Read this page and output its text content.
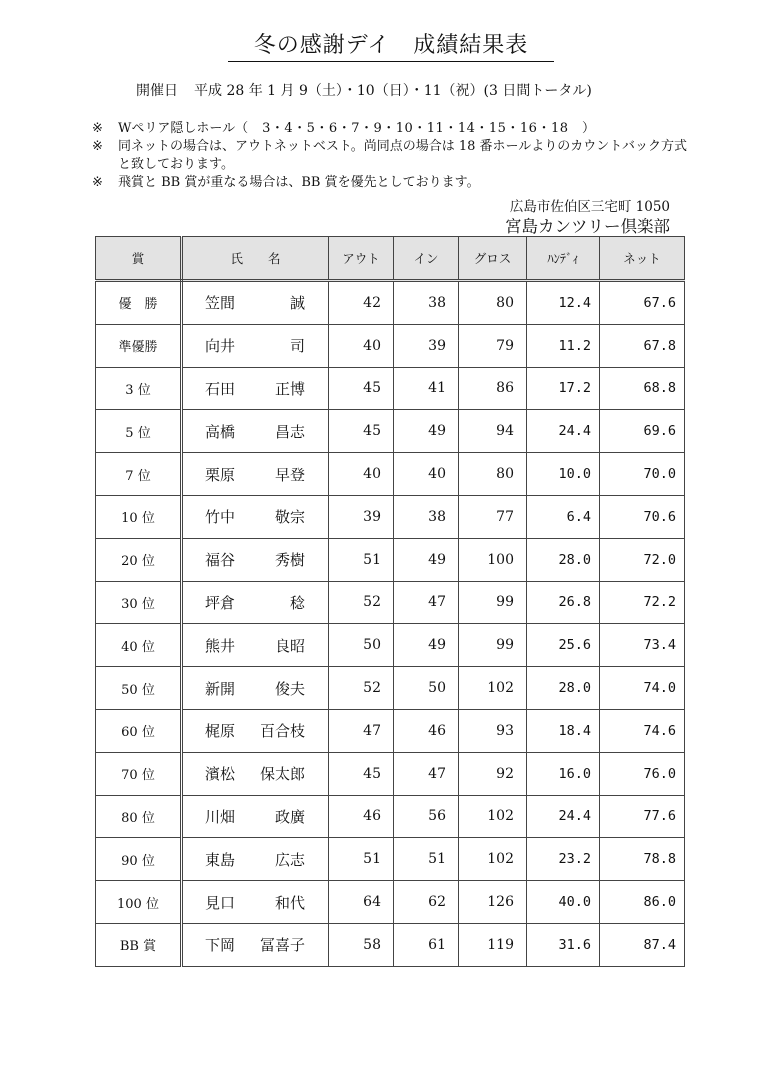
冬の感謝デイ　成績結果表
開催日 平成 28 年 1 月 9（土）・10（日）・11（祝）(3 日間トータル)
※	Wペリア隠しホール（ 3・4・5・6・7・9・10・11・14・15・16・18　）
※	同ネットの場合は、アウトネットベスト。尚同点の場合は 18 番ホールよりのカウントバック方式と致しております。
※	飛賞と BB 賞が重なる場合は、BB 賞を優先としております。
広島市佐伯区三宅町 1050
宮島カンツリー倶楽部
賞	氏　　名	アウト	イン	グロス	ﾊﾝﾃﾞｨ	ネット
優　勝	笠間 誠	42	38	80	12.4	67.6
準優勝	向井 司	40	39	79	11.2	67.8
3 位	石田 正博	45	41	86	17.2	68.8
5 位	高橋 昌志	45	49	94	24.4	69.6
7 位	栗原 早登	40	40	80	10.0	70.0
10 位	竹中 敬宗	39	38	77	6.4	70.6
20 位	福谷 秀樹	51	49	100	28.0	72.0
30 位	坪倉 稔	52	47	99	26.8	72.2
40 位	熊井 良昭	50	49	99	25.6	73.4
50 位	新開 俊夫	52	50	102	28.0	74.0
60 位	梶原 百合枝	47	46	93	18.4	74.6
70 位	濱松 保太郎	45	47	92	16.0	76.0
80 位	川畑 政廣	46	56	102	24.4	77.6
90 位	東島 広志	51	51	102	23.2	78.8
100 位	見口 和代	64	62	126	40.0	86.0
BB 賞	下岡 冨喜子	58	61	119	31.6	87.4
